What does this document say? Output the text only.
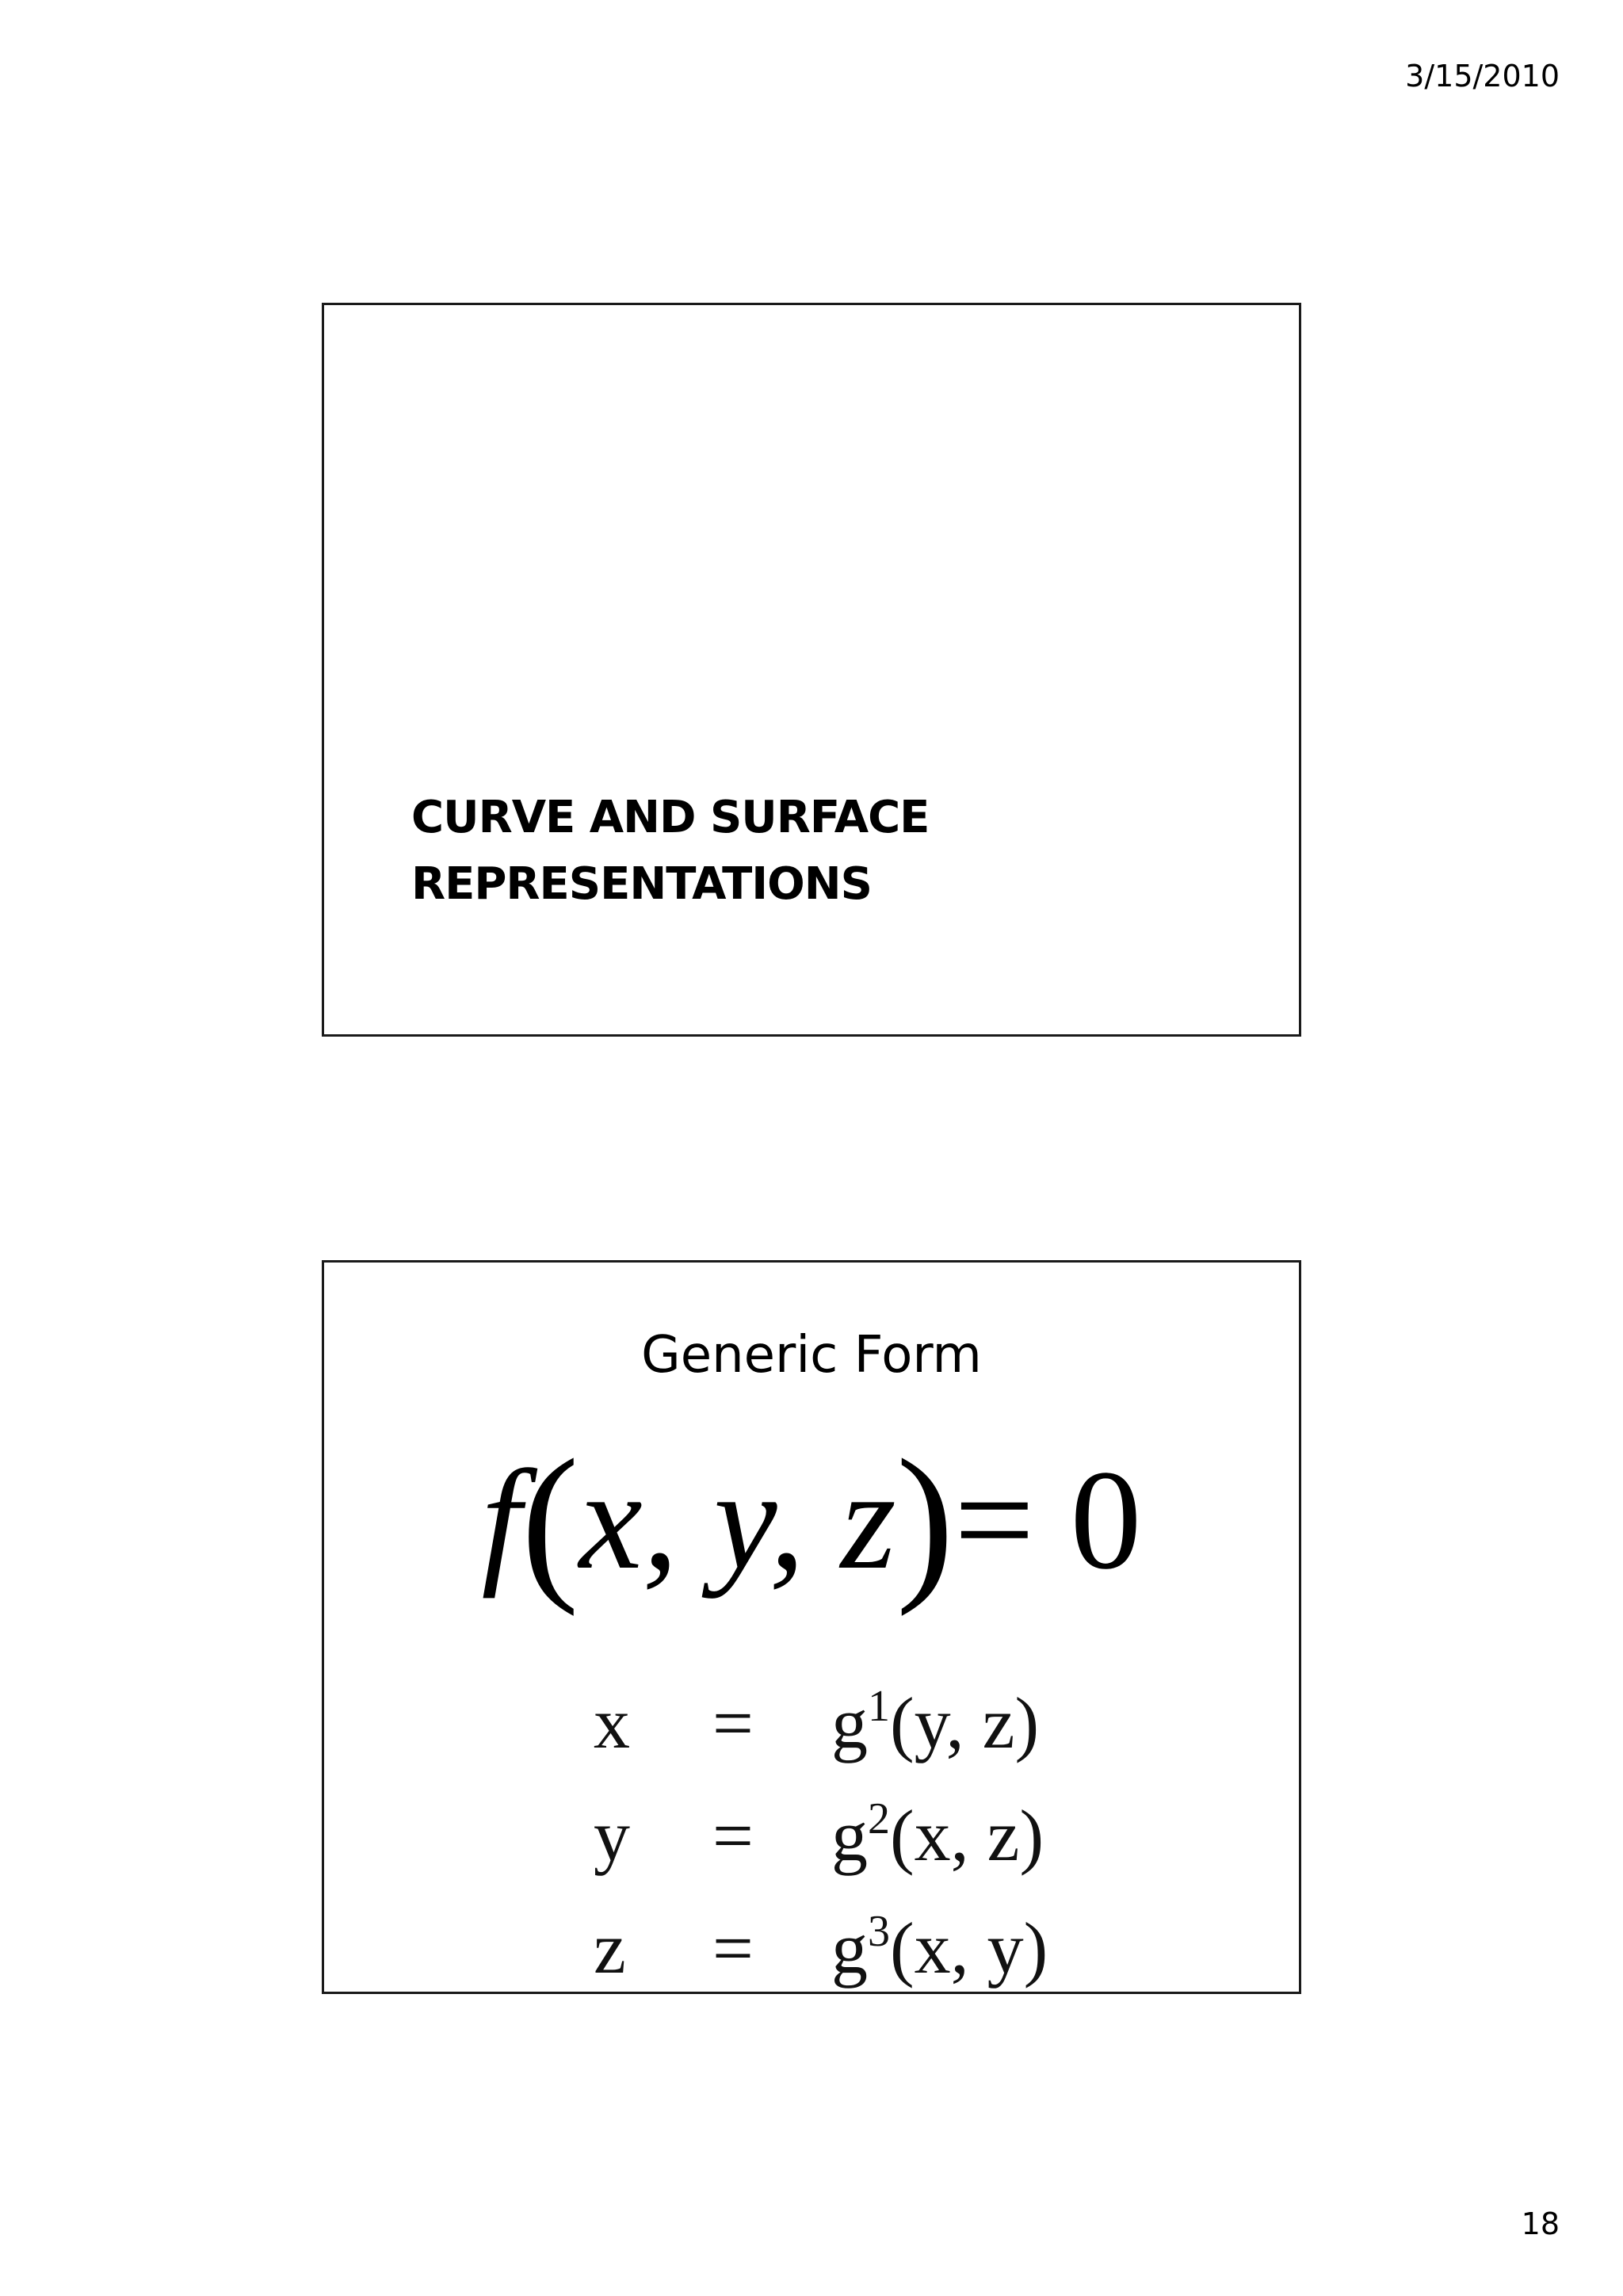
3/15/2010
CURVE AND SURFACE
REPRESENTATIONS
Generic Form
f(x, y, z)= 0
x	=	$g^1(y$, z)
y	=	$g^2(x$, z)
z	=	$g^3(x$, y)
18
